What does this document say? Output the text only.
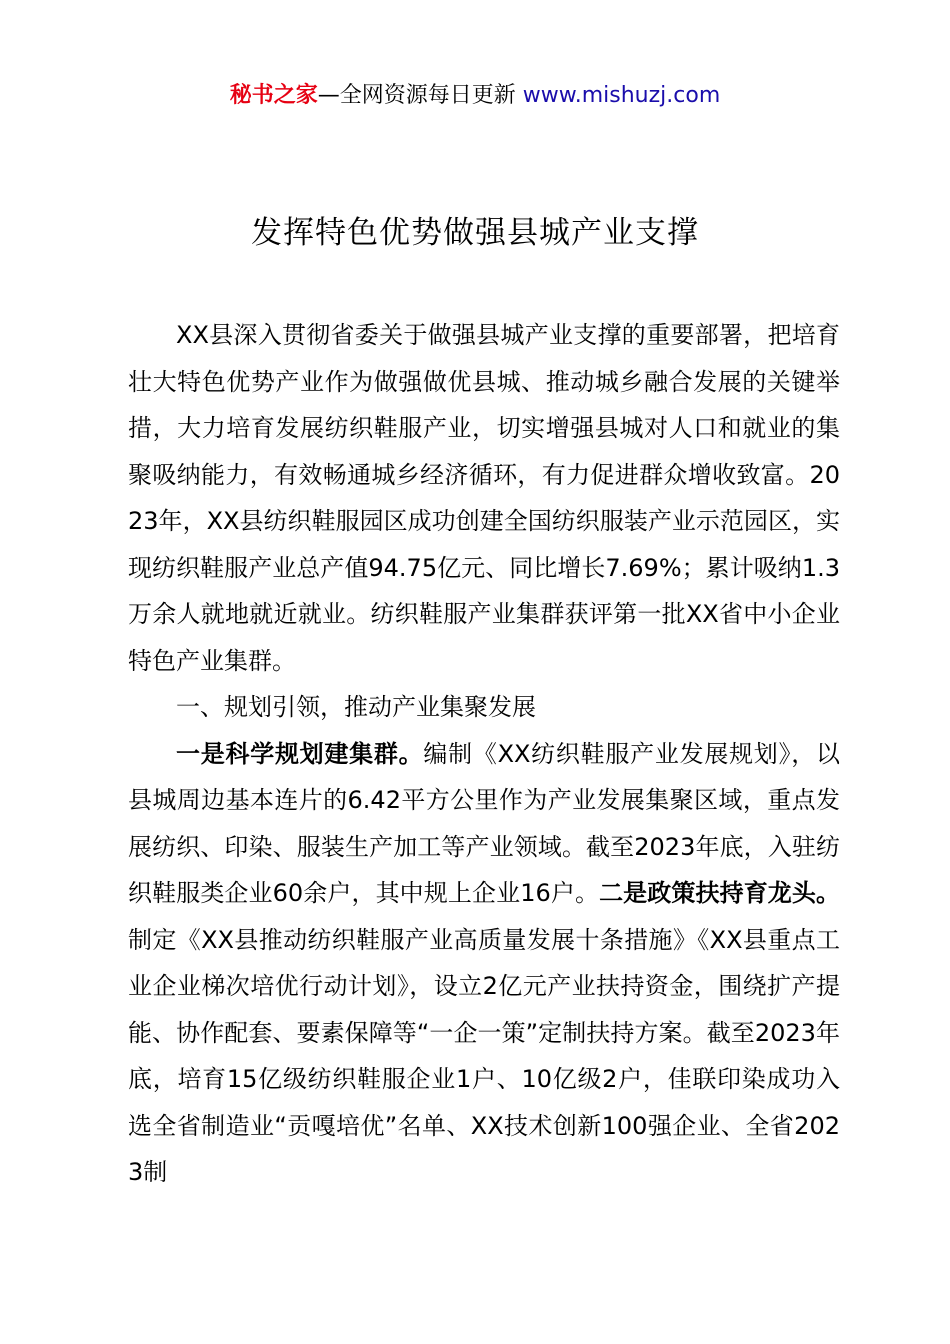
秘书之家—全网资源每日更新 www.mishuzj.com
发挥特色优势做强县城产业支撑

XX县深入贯彻省委关于做强县城产业支撑的重要部署，把培育壮大特色优势产业作为做强做优县城、推动城乡融合发展的关键举措，大力培育发展纺织鞋服产业，切实增强县城对人口和就业的集聚吸纳能力，有效畅通城乡经济循环，有力促进群众增收致富。2023年，XX县纺织鞋服园区成功创建全国纺织服装产业示范园区，实现纺织鞋服产业总产值94.75亿元、同比增长7.69%；累计吸纳1.3万余人就地就近就业。纺织鞋服产业集群获评第一批XX省中小企业特色产业集群。

一、规划引领，推动产业集聚发展

一是科学规划建集群。编制《XX纺织鞋服产业发展规划》，以县城周边基本连片的6.42平方公里作为产业发展集聚区域，重点发展纺织、印染、服装生产加工等产业领域。截至2023年底，入驻纺织鞋服类企业60余户，其中规上企业16户。二是政策扶持育龙头。制定《XX县推动纺织鞋服产业高质量发展十条措施》《XX县重点工业企业梯次培优行动计划》，设立2亿元产业扶持资金，围绕扩产提能、协作配套、要素保障等“一企一策”定制扶持方案。截至2023年底，培育15亿级纺织鞋服企业1户、10亿级2户，佳联印染成功入选全省制造业“贡嘎培优”名单、XX技术创新100强企业、全省2023制
